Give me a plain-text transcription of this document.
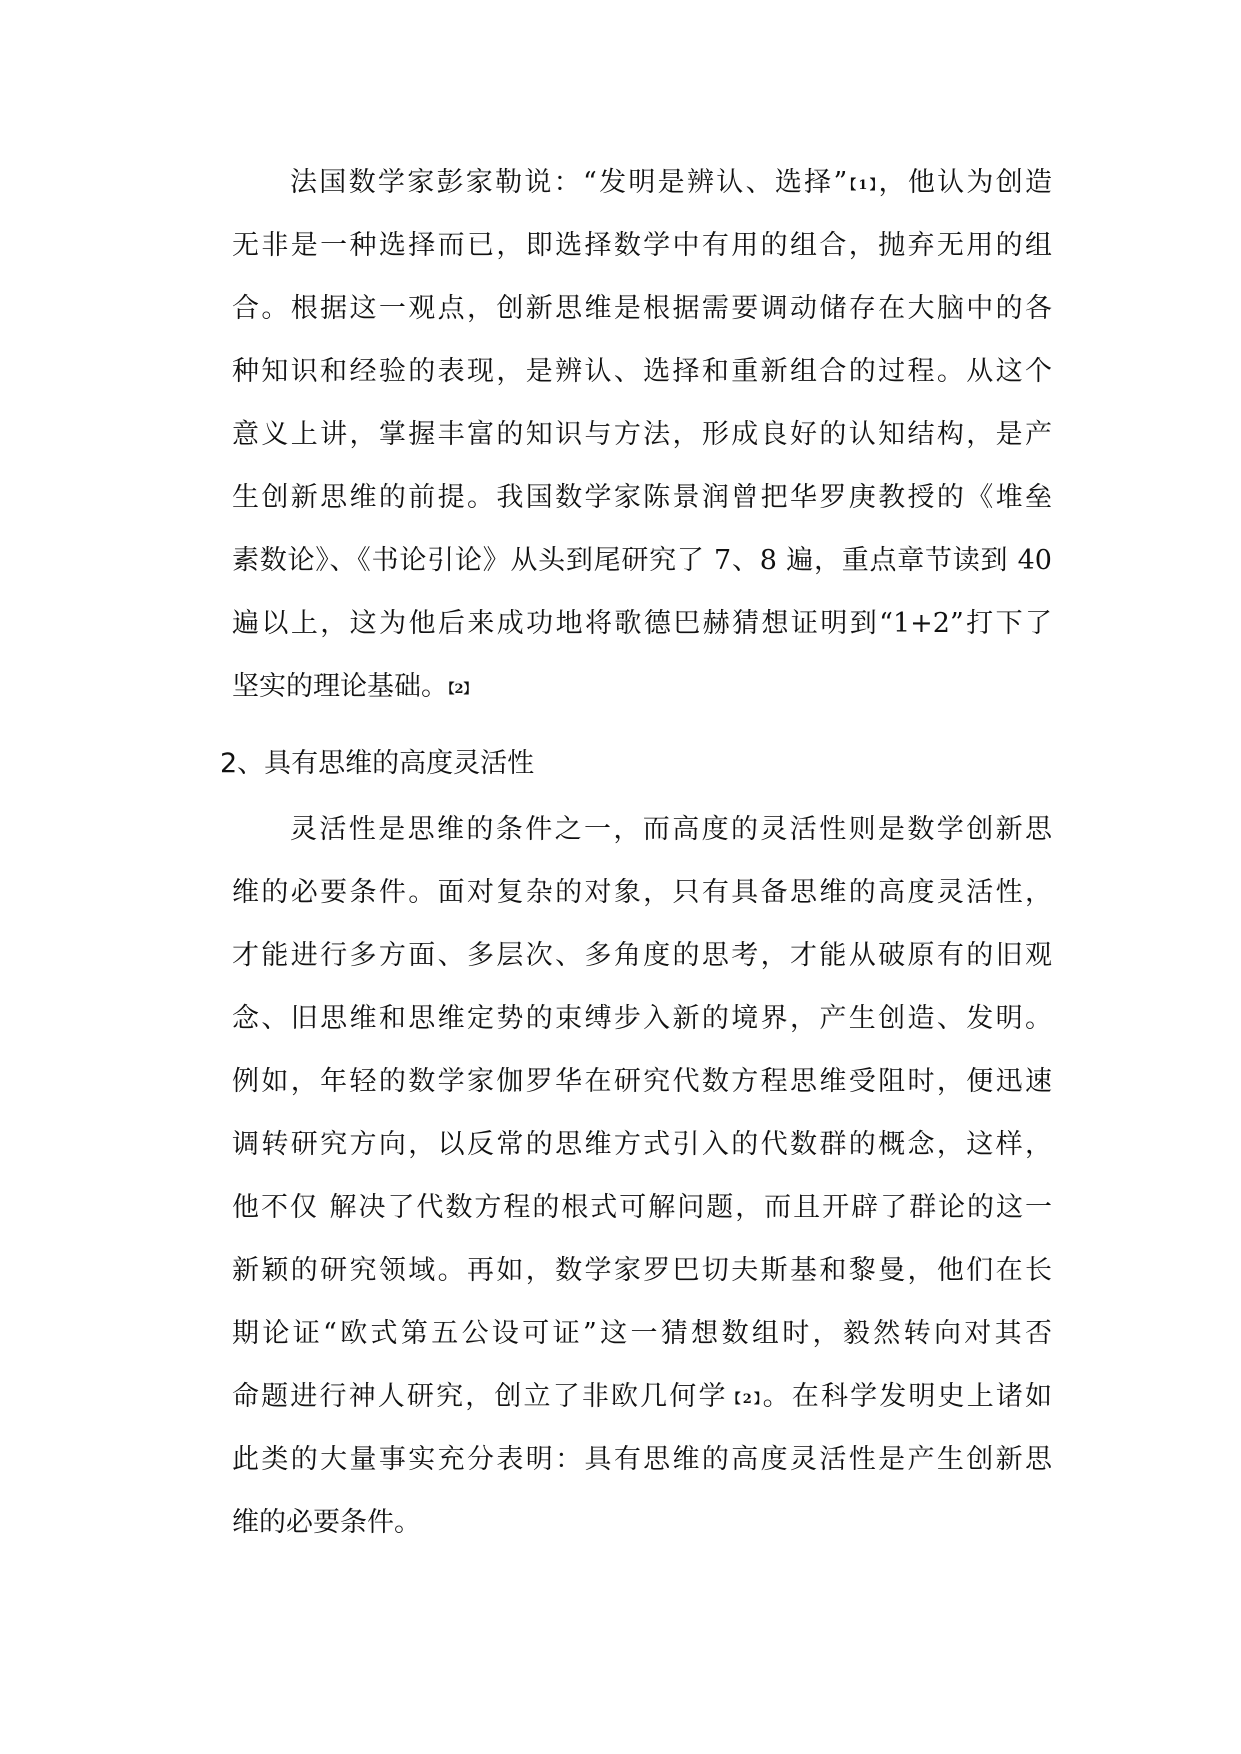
法国数学家彭家勒说：“发明是辨认、选择”【1】，他认为创造
无非是一种选择而已，即选择数学中有用的组合，抛弃无用的组
合。根据这一观点，创新思维是根据需要调动储存在大脑中的各
种知识和经验的表现，是辨认、选择和重新组合的过程。从这个
意义上讲，掌握丰富的知识与方法，形成良好的认知结构，是产
生创新思维的前提。我国数学家陈景润曾把华罗庚教授的《堆垒
素数论》、《书论引论》从头到尾研究了 7、8 遍，重点章节读到 40
遍以上，这为他后来成功地将歌德巴赫猜想证明到“1+2”打下了
坚实的理论基础。【2】
2、具有思维的高度灵活性
灵活性是思维的条件之一，而高度的灵活性则是数学创新思
维的必要条件。面对复杂的对象，只有具备思维的高度灵活性，
才能进行多方面、多层次、多角度的思考，才能从破原有的旧观
念、旧思维和思维定势的束缚步入新的境界，产生创造、发明。
例如，年轻的数学家伽罗华在研究代数方程思维受阻时，便迅速
调转研究方向，以反常的思维方式引入的代数群的概念，这样，
他不仅 解决了代数方程的根式可解问题，而且开辟了群论的这一
新颖的研究领域。再如，数学家罗巴切夫斯基和黎曼，他们在长
期论证“欧式第五公设可证”这一猜想数组时，毅然转向对其否
命题进行神人研究，创立了非欧几何学【2】。在科学发明史上诸如
此类的大量事实充分表明：具有思维的高度灵活性是产生创新思
维的必要条件。
